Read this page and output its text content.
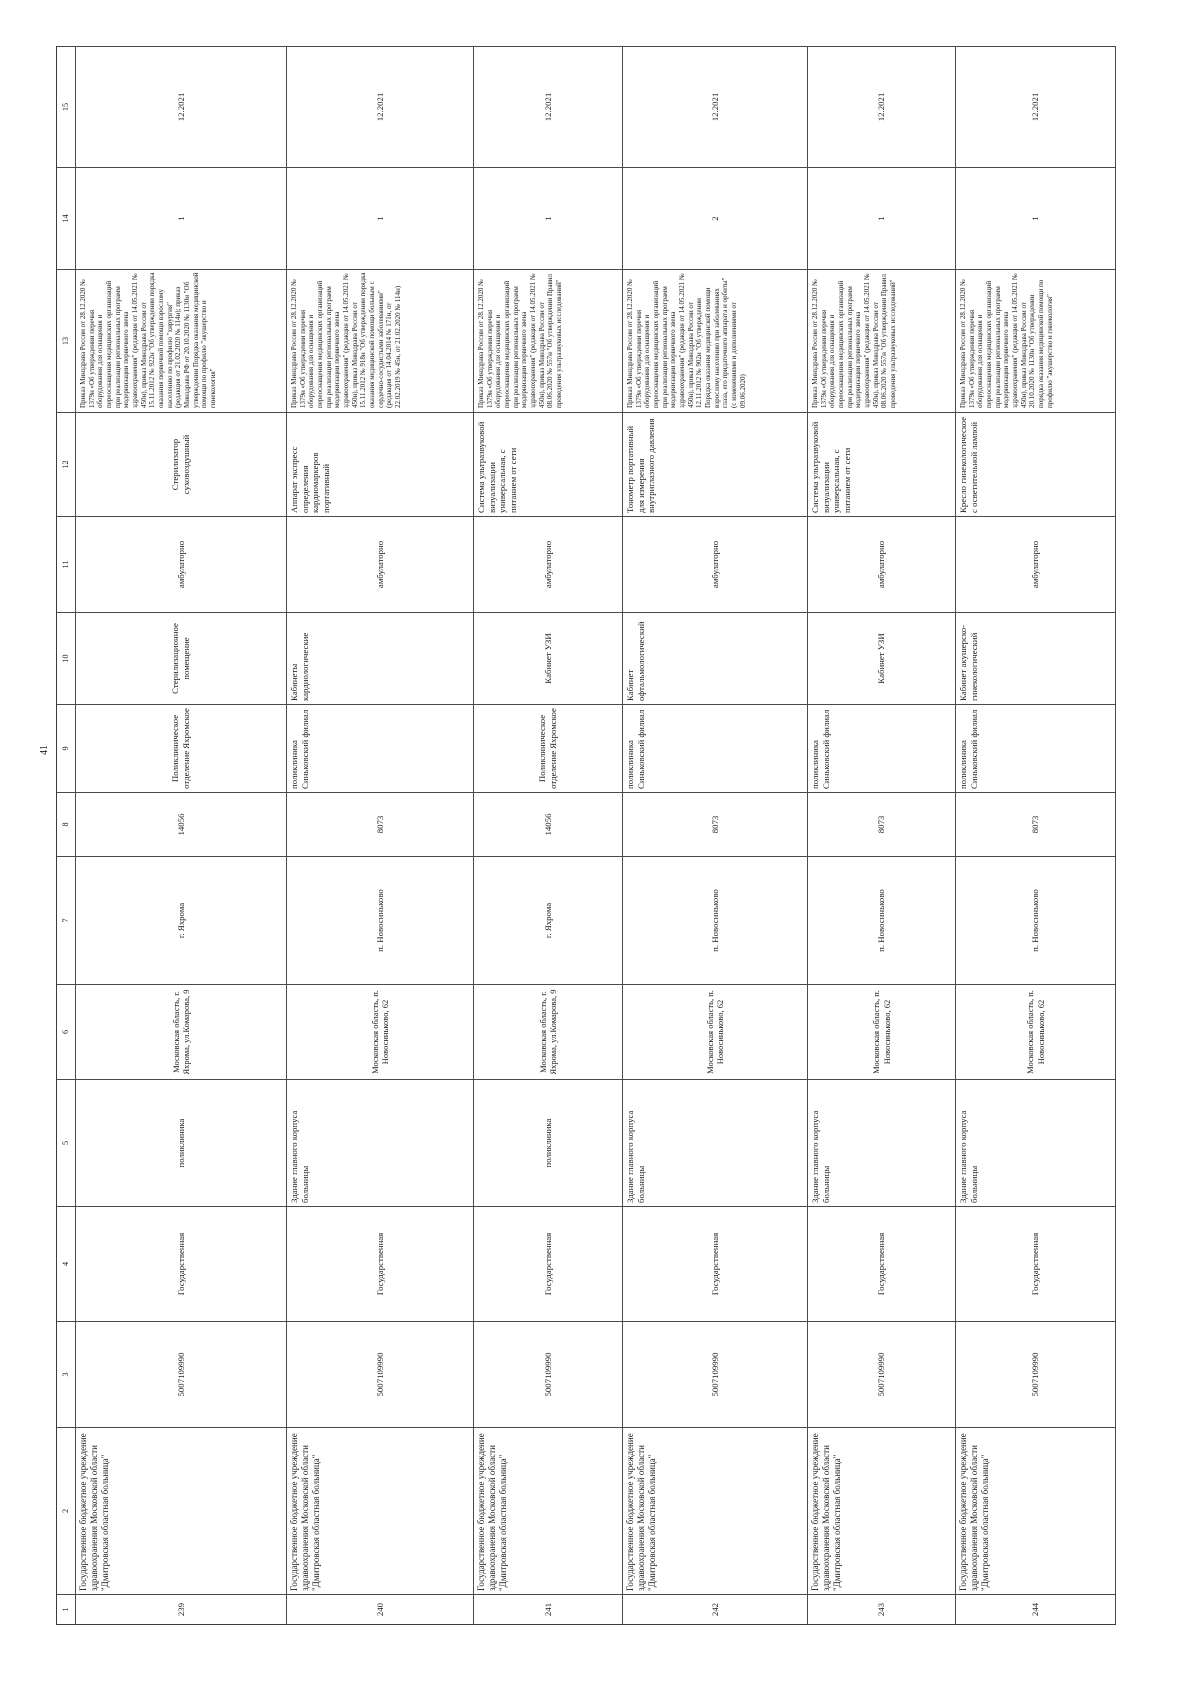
41
1
2
3
4
5
6
7
8
9
10
11
12
13
14
15
239
Государственное бюджетное учреждение здравоохранения Московской области "Дмитровская областная больница"
5007109990
Государственная
поликлиника
Московская область, г. Яхрома, ул.Комарова, 9
г. Яхрома
14056
Поликлиническое отделение Яхромское
Стерилизационное помещение
амбулаторно
Стерилизатор суховоздушный
Приказ Минздрава России от 28.12.2020 № 1379н «Об утверждении перечня оборудования для оснащения и переоснащения медицинских организаций при реализации региональных программ модернизации первичного звена здравоохранения" (редакция от 14.05.2021 № 450н), приказ Минздрава России от 15.11.2012 № 922н "Об утверждении порядка оказания первичной помощи взрослому населению по профилю "хирургия" (редакция от 21.02.2020 № 114н); приказ Минздрава РФ от 20.10.2020 № 1130н "Об утверждении Порядка оказания медицинской помощи по профилю "акушерство и гинекология"
1
12.2021
240
Государственное бюджетное учреждение здравоохранения Московской области "Дмитровская областная больница"
5007109990
Государственная
Здание главного корпуса больницы
Московская область, п. Новосиньково, 62
п. Новосиньково
8073
поликлиника Синьковский филиал
Кабинеты кардиологические
амбулаторно
Аппарат экспресс определения кардиомаркеров портативный
Приказ Минздрава России от 28.12.2020 № 1379н «Об утверждении перечня оборудования для оснащения и переоснащения медицинских организаций при реализации региональных программ модернизации первичного звена здравоохранения" (редакция от 14.05.2021 № 450н), приказ Минздрава России от 15.11.2012 № 918н "Об утверждении порядка оказания медицинской помощи больным с сердечно-сосудистыми заболеваниями" (редакция от 14.04.2014 № 171н, от 22.02.2019 № 45н, от 21.02.2020 № 114н)
1
12.2021
241
Государственное бюджетное учреждение здравоохранения Московской области "Дмитровская областная больница"
5007109990
Государственная
поликлиника
Московская область, г. Яхрома, ул.Комарова, 9
г. Яхрома
14056
Поликлиническое отделение Яхромское
Кабинет УЗИ
амбулаторно
Система ультразвуковой визуализации универсальная, с питанием от сети
Приказ Минздрава России от 28.12.2020 № 1379н «Об утверждении перечня оборудования для оснащения и переоснащения медицинских организаций при реализации региональных программ модернизации первичного звена здравоохранения" (редакция от 14.05.2021 № 450н), приказ Минздрава России от 08.06.2020 № 557н "Об утверждении Правил проведения ультразвуковых исследований"
1
12.2021
242
Государственное бюджетное учреждение здравоохранения Московской области "Дмитровская областная больница"
5007109990
Государственная
Здание главного корпуса больницы
Московская область, п. Новосиньково, 62
п. Новосиньково
8073
поликлиника Синьковский филиал
Кабинет офтальмологический
амбулаторно
Тонометр портативный для измерения внутриглазного давления
Приказ Минздрава России от 28.12.2020 № 1379н «Об утверждении перечня оборудования для оснащения и переоснащения медицинских организаций при реализации региональных программ модернизации первичного звена здравоохранения" (редакция от 14.05.2021 № 450н), приказ Минздрава России от 12.11.2012 № 902н "Об утверждении Порядка оказания медицинской помощи взрослому населению при заболеваниях глаза, его придаточного аппарата и орбиты" (с изменениями и дополнениями от 09.06.2020)
2
12.2021
243
Государственное бюджетное учреждение здравоохранения Московской области "Дмитровская областная больница"
5007109990
Государственная
Здание главного корпуса больницы
Московская область, п. Новосиньково, 62
п. Новосиньково
8073
поликлиника Синьковский филиал
Кабинет УЗИ
амбулаторно
Система ультразвуковой визуализации универсальная, с питанием от сети
Приказ Минздрава России от 28.12.2020 № 1379н «Об утверждении перечня оборудования для оснащения и переоснащения медицинских организаций при реализации региональных программ модернизации первичного звена здравоохранения" (редакция от 14.05.2021 № 450н), приказ Минздрава России от 08.06.2020 № 557н "Об утверждении Правил проведения ультразвуковых исследований"
1
12.2021
244
Государственное бюджетное учреждение здравоохранения Московской области "Дмитровская областная больница"
5007109990
Государственная
Здание главного корпуса больницы
Московская область, п. Новосиньково, 62
п. Новосиньково
8073
поликлиника Синьковский филиал
Кабинет акушерско-гинекологический
амбулаторно
Кресло гинекологическое с осветительной лампой
Приказ Минздрава России от 28.12.2020 № 1379н «Об утверждении перечня оборудования для оснащения и переоснащения медицинских организаций при реализации региональных программ модернизации первичного звена здравоохранения" (редакция от 14.05.2021 № 450н), приказ Минздрава России от 20.10.2020 № 1130н "Об утверждении порядка оказания медицинской помощи по профилю "акушерство и гинекология"
1
12.2021
